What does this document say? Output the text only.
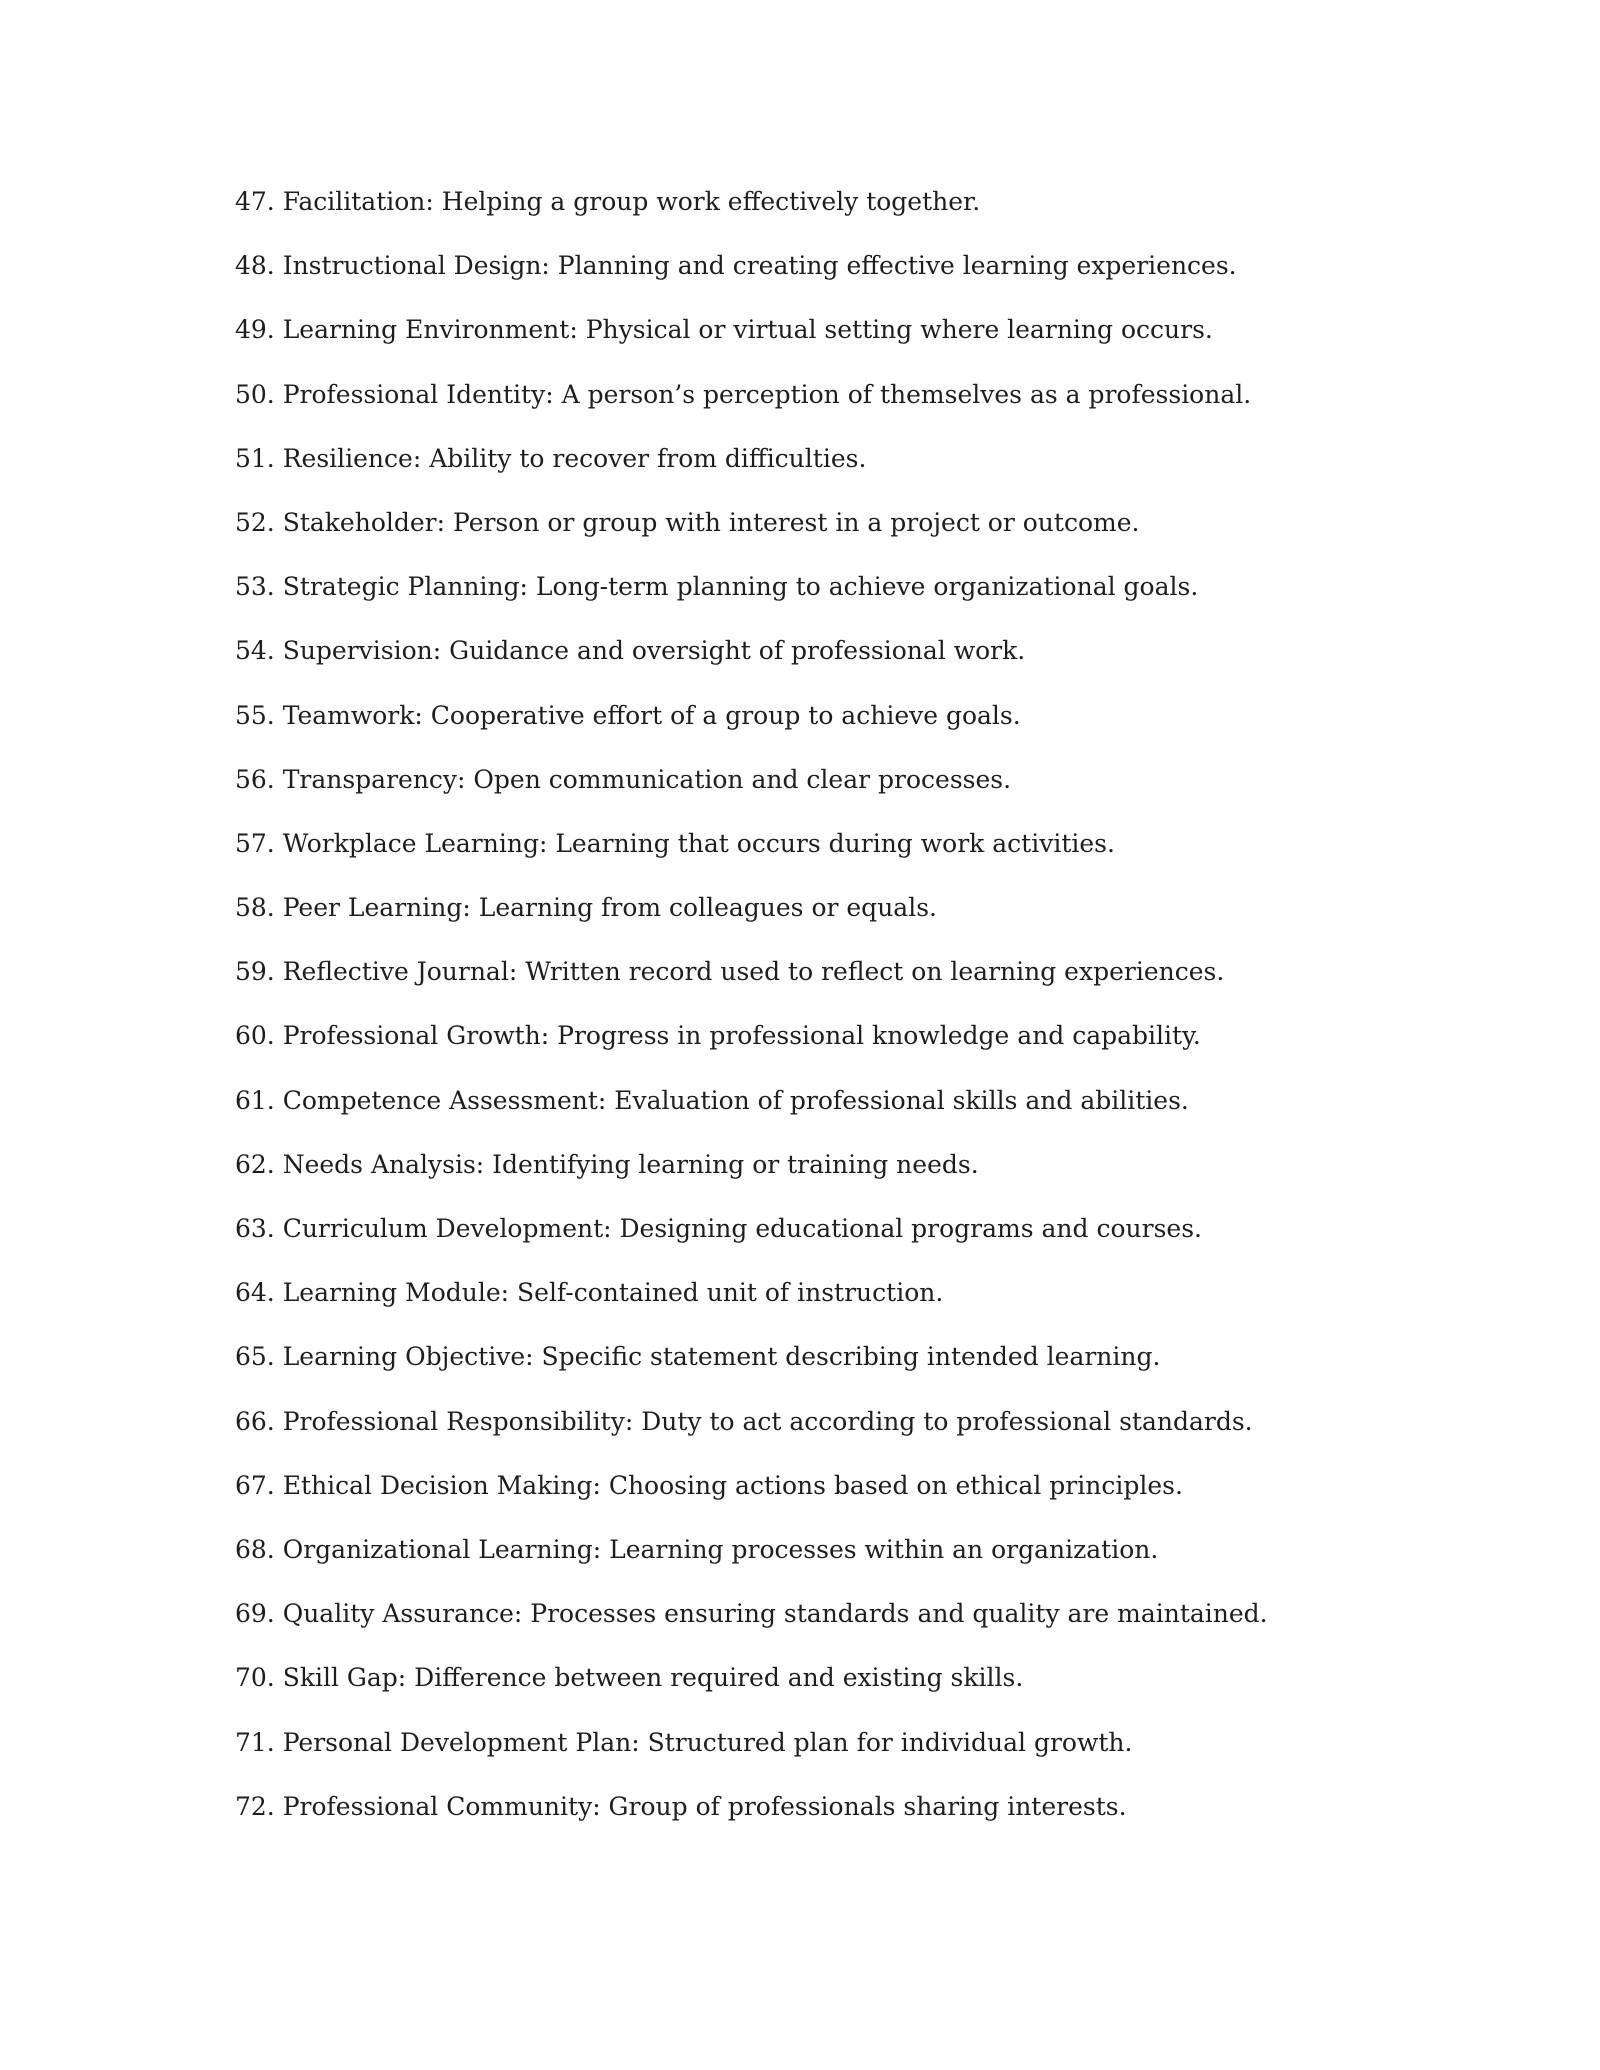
47. Facilitation: Helping a group work effectively together.
48. Instructional Design: Planning and creating effective learning experiences.
49. Learning Environment: Physical or virtual setting where learning occurs.
50. Professional Identity: A person’s perception of themselves as a professional.
51. Resilience: Ability to recover from difficulties.
52. Stakeholder: Person or group with interest in a project or outcome.
53. Strategic Planning: Long-term planning to achieve organizational goals.
54. Supervision: Guidance and oversight of professional work.
55. Teamwork: Cooperative effort of a group to achieve goals.
56. Transparency: Open communication and clear processes.
57. Workplace Learning: Learning that occurs during work activities.
58. Peer Learning: Learning from colleagues or equals.
59. Reflective Journal: Written record used to reflect on learning experiences.
60. Professional Growth: Progress in professional knowledge and capability.
61. Competence Assessment: Evaluation of professional skills and abilities.
62. Needs Analysis: Identifying learning or training needs.
63. Curriculum Development: Designing educational programs and courses.
64. Learning Module: Self-contained unit of instruction.
65. Learning Objective: Specific statement describing intended learning.
66. Professional Responsibility: Duty to act according to professional standards.
67. Ethical Decision Making: Choosing actions based on ethical principles.
68. Organizational Learning: Learning processes within an organization.
69. Quality Assurance: Processes ensuring standards and quality are maintained.
70. Skill Gap: Difference between required and existing skills.
71. Personal Development Plan: Structured plan for individual growth.
72. Professional Community: Group of professionals sharing interests.
